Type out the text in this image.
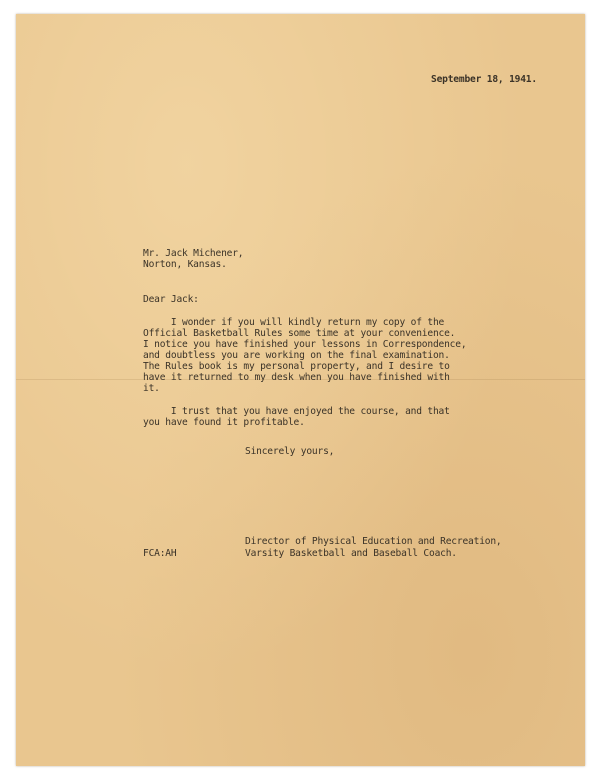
September 18, 1941.
Mr. Jack Michener,
Norton, Kansas.
Dear Jack:
I wonder if you will kindly return my copy of the
Official Basketball Rules some time at your convenience.
I notice you have finished your lessons in Correspondence,
and doubtless you are working on the final examination.
The Rules book is my personal property, and I desire to
have it returned to my desk when you have finished with
it.
I trust that you have enjoyed the course, and that
you have found it profitable.
Sincerely yours,
Director of Physical Education and Recreation,
FCA:AH	Varsity Basketball and Baseball Coach.
